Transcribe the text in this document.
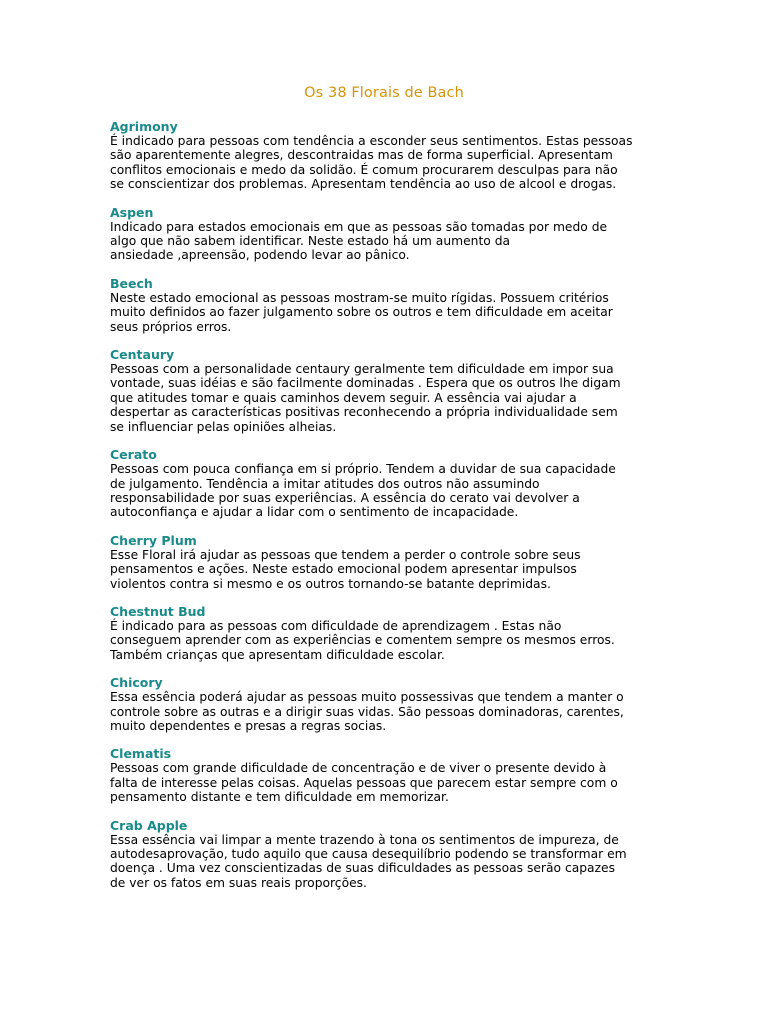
Os 38 Florais de Bach

Agrimony

É indicado para pessoas com tendência a esconder seus sentimentos. Estas pessoas
são aparentemente alegres, descontraidas mas de forma superficial. Apresentam
conflitos emocionais e medo da solidão. É comum procurarem desculpas para não
se conscientizar dos problemas. Apresentam tendência ao uso de alcool e drogas.

Aspen

Indicado para estados emocionais em que as pessoas são tomadas por medo de
algo que não sabem identificar. Neste estado há um aumento da
ansiedade ,apreensão, podendo levar ao pânico.

Beech

Neste estado emocional as pessoas mostram-se muito rígidas. Possuem critérios
muito definidos ao fazer julgamento sobre os outros e tem dificuldade em aceitar
seus próprios erros.

Centaury

Pessoas com a personalidade centaury geralmente tem dificuldade em impor sua
vontade, suas idéias e são facilmente dominadas . Espera que os outros lhe digam
que atitudes tomar e quais caminhos devem seguir. A essência vai ajudar a
despertar as características positivas reconhecendo a própria individualidade sem
se influenciar pelas opiniões alheias.

Cerato

Pessoas com pouca confiança em si próprio. Tendem a duvidar de sua capacidade
de julgamento. Tendência a imitar atitudes dos outros não assumindo
responsabilidade por suas experiências. A essência do cerato vai devolver a
autoconfiança e ajudar a lidar com o sentimento de incapacidade.

Cherry Plum

Esse Floral irá ajudar as pessoas que tendem a perder o controle sobre seus
pensamentos e ações. Neste estado emocional podem apresentar impulsos
violentos contra si mesmo e os outros tornando-se batante deprimidas.

Chestnut Bud

É indicado para as pessoas com dificuldade de aprendizagem . Estas não
conseguem aprender com as experiências e comentem sempre os mesmos erros.
Também crianças que apresentam dificuldade escolar.

Chicory

Essa essência poderá ajudar as pessoas muito possessivas que tendem a manter o
controle sobre as outras e a dirigir suas vidas. São pessoas dominadoras, carentes,
muito dependentes e presas a regras socias.

Clematis

Pessoas com grande dificuldade de concentração e de viver o presente devido à
falta de interesse pelas coisas. Aquelas pessoas que parecem estar sempre com o
pensamento distante e tem dificuldade em memorizar.

Crab Apple

Essa essência vai limpar a mente trazendo à tona os sentimentos de impureza, de
autodesaprovação, tudo aquilo que causa desequilíbrio podendo se transformar em
doença . Uma vez conscientizadas de suas dificuldades as pessoas serão capazes
de ver os fatos em suas reais proporções.
